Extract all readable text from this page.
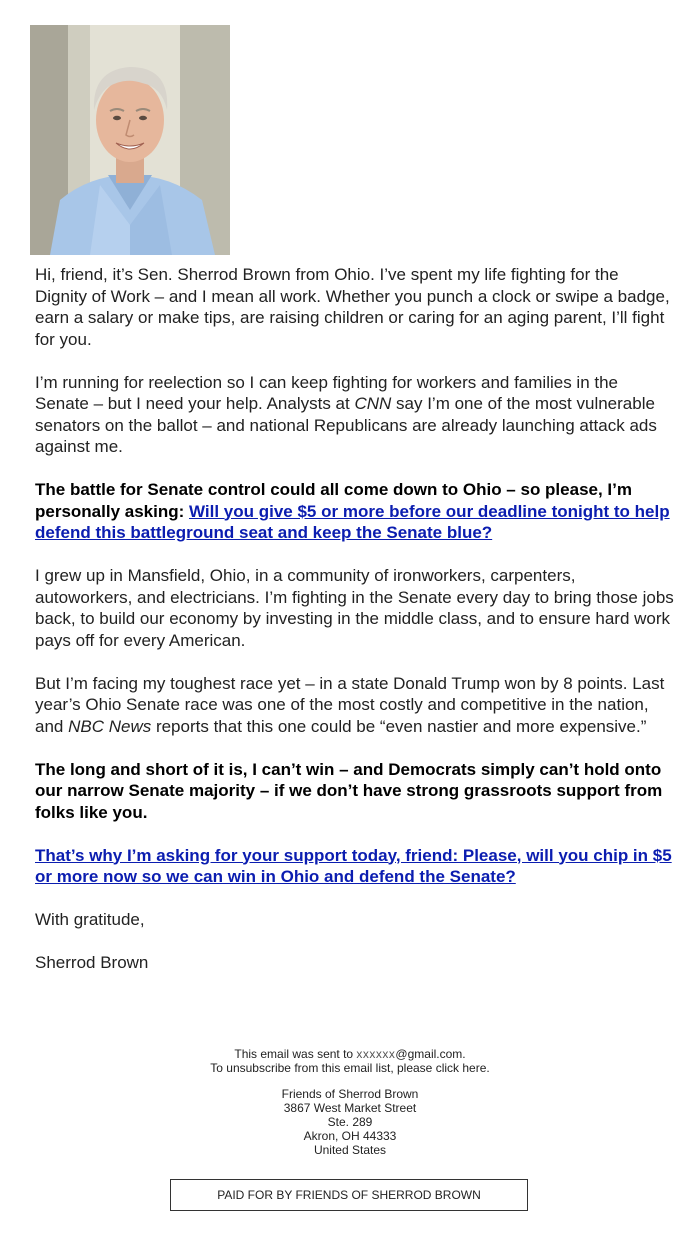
Hi, friend, it’s Sen. Sherrod Brown from Ohio. I’ve spent my life fighting for the Dignity of Work – and I mean all work. Whether you punch a clock or swipe a badge, earn a salary or make tips, are raising children or caring for an aging parent, I’ll fight for you.

I’m running for reelection so I can keep fighting for workers and families in the Senate – but I need your help. Analysts at CNN say I’m one of the most vulnerable senators on the ballot – and national Republicans are already launching attack ads against me.

The battle for Senate control could all come down to Ohio – so please, I’m personally asking: Will you give $5 or more before our deadline tonight to help defend this battleground seat and keep the Senate blue?

I grew up in Mansfield, Ohio, in a community of ironworkers, carpenters, autoworkers, and electricians. I’m fighting in the Senate every day to bring those jobs back, to build our economy by investing in the middle class, and to ensure hard work pays off for every American.

But I’m facing my toughest race yet – in a state Donald Trump won by 8 points. Last year’s Ohio Senate race was one of the most costly and competitive in the nation, and NBC News reports that this one could be “even nastier and more expensive.”

The long and short of it is, I can’t win – and Democrats simply can’t hold onto our narrow Senate majority – if we don’t have strong grassroots support from folks like you.

That’s why I’m asking for your support today, friend: Please, will you chip in $5 or more now so we can win in Ohio and defend the Senate?

With gratitude,

Sherrod Brown

This email was sent to xxxxxx@gmail.com.
To unsubscribe from this email list, please click here.
Friends of Sherrod Brown
3867 West Market Street
Ste. 289
Akron, OH 44333
United States
PAID FOR BY FRIENDS OF SHERROD BROWN
